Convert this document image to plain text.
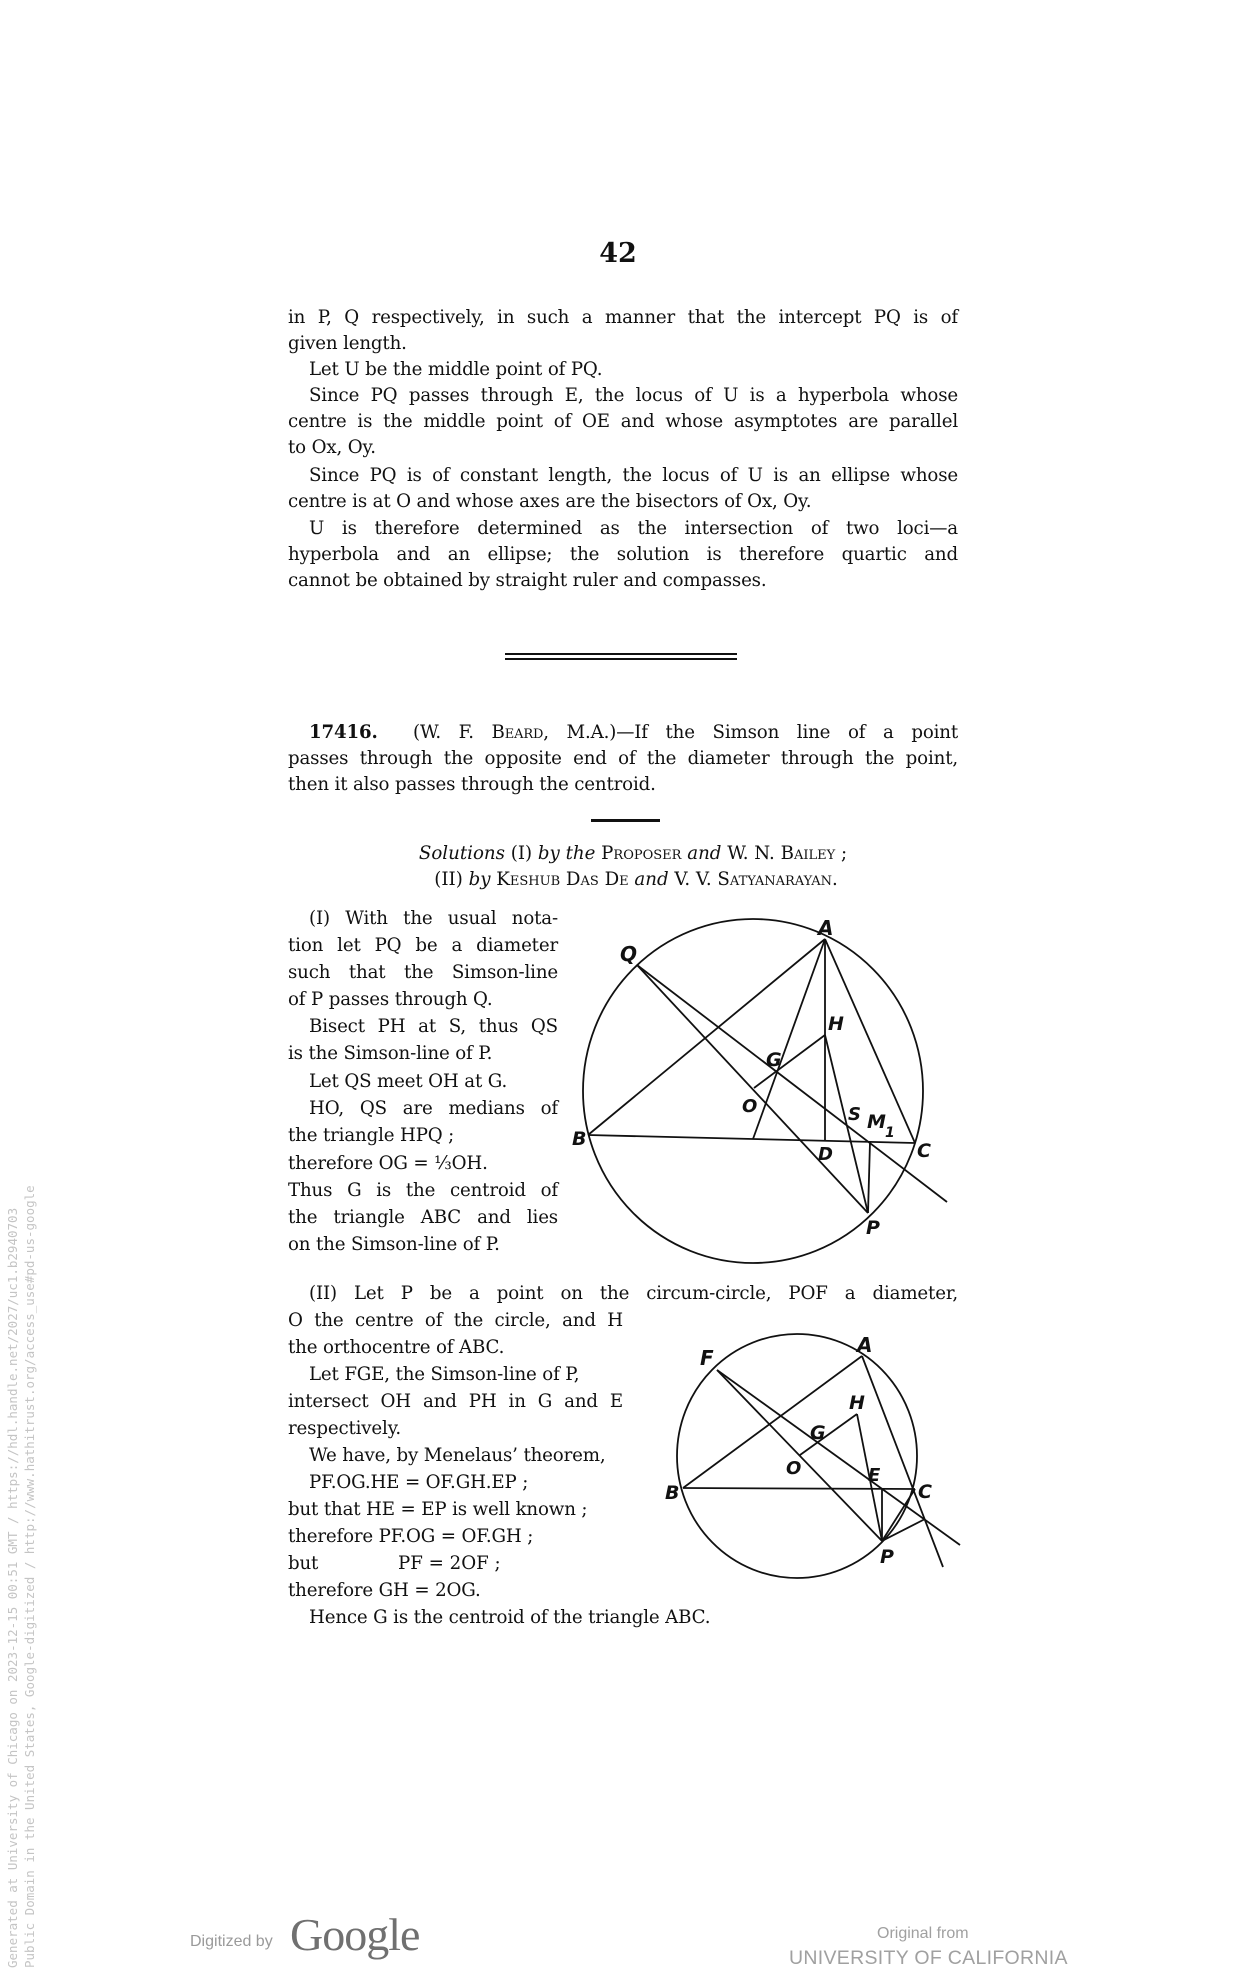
42
in P, Q respectively, in such a manner that the intercept PQ is of
given length.
Let U be the middle point of PQ.
Since PQ passes through E, the locus of U is a hyperbola whose
centre is the middle point of OE and whose asymptotes are parallel
to Ox, Oy.
Since PQ is of constant length, the locus of U is an ellipse whose
centre is at O and whose axes are the bisectors of Ox, Oy.
U is therefore determined as the intersection of two loci—a
hyperbola and an ellipse; the solution is therefore quartic and
cannot be obtained by straight ruler and compasses.
17416. (W. F. Beard, M.A.)—If the Simson line of a point
passes through the opposite end of the diameter through the point,
then it also passes through the centroid.
Solutions (I) by the Proposer and W. N. Bailey ;
(II) by Keshub Das De and V. V. Satyanarayan.
(I) With the usual nota-
tion let PQ be a diameter
such that the Simson-line
of P passes through Q.
Bisect PH at S, thus QS
is the Simson-line of P.
Let QS meet OH at G.
HO, QS are medians of
the triangle HPQ ;
therefore OG = ⅓OH.
Thus G is the centroid of
the triangle ABC and lies
on the Simson-line of P.
A
Q
H
G
O	S M 1
B
D	C
P
A
F
H
G
O	E
B	C
P
(II) Let P be a point on the circum-circle, POF a diameter,
O the centre of the circle, and H
the orthocentre of ABC.
Let FGE, the Simson-line of P,
intersect OH and PH in G and E
respectively.
We have, by Menelaus’ theorem,
PF.OG.HE = OF.GH.EP ;
but that HE = EP is well known ;
therefore PF.OG = OF.GH ;
but	PF = 2OF ;
therefore GH = 2OG.
Hence G is the centroid of the triangle ABC.
Generated at University of Chicago on 2023-12-15 00:51 GMT / https://hdl.handle.net/2027/uc1.b2940703 Public Domain in the United States, Google-digitized / http://www.hathitrust.org/access_use#pd-us-google	Digitized by Google	Original from
UNIVERSITY OF CALIFORNIA
